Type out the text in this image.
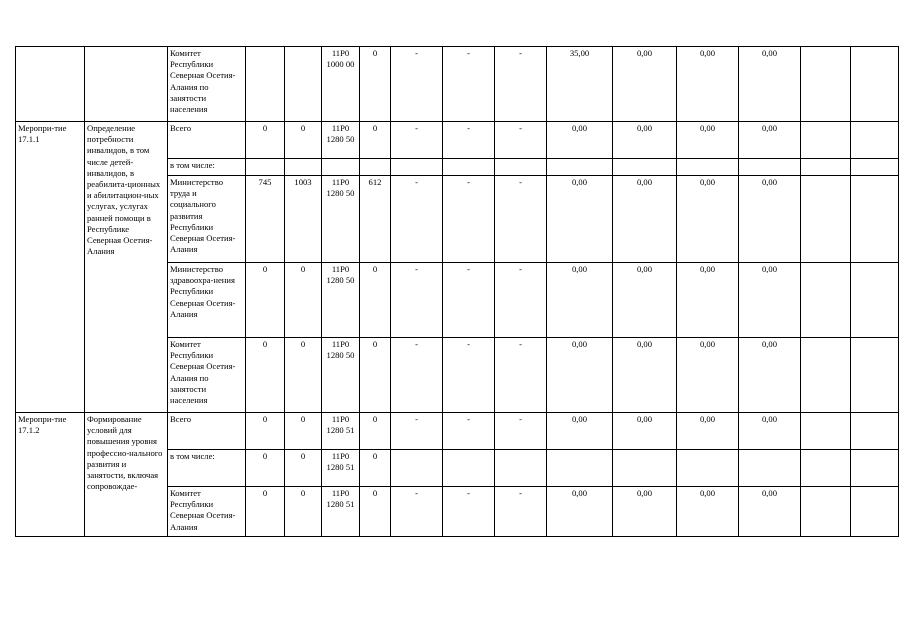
		Комитет Республики Северная Осетия-Алания по занятости населения			11Р0 1000 00	0	-	-	-	35,00	0,00	0,00	0,00		
Меропри-тие 17.1.1	Определение потребности инвалидов, в том числе детей-инвалидов, в реабилита-ционных и абилитацион-ных услугах, услугах ранней помощи в Республике Северная Осетия-Алания	Всего	0	0	11Р0 1280 50	0	-	-	-	0,00	0,00	0,00	0,00		
		в том числе:													
		Министерство труда и социального развития Республики Северная Осетия-Алания	745	1003	11Р0 1280 50	612	-	-	-	0,00	0,00	0,00	0,00		
		Министерство здравоохра-нения Республики Северная Осетия-Алания	0	0	11Р0 1280 50	0	-	-	-	0,00	0,00	0,00	0,00		
		Комитет Республики Северная Осетия-Алания по занятости населения	0	0	11Р0 1280 50	0	-	-	-	0,00	0,00	0,00	0,00		
Меропри-тие 17.1.2	Формирование условий для повышения уровня професcио-нального развития и занятости, включая сопровождае-	Всего	0	0	11Р0 1280 51	0	-	-	-	0,00	0,00	0,00	0,00		
		в том числе:	0	0	11Р0 1280 51	0									
		Комитет Республики Северная Осетия-Алания	0	0	11Р0 1280 51	0	-	-	-	0,00	0,00	0,00	0,00		
